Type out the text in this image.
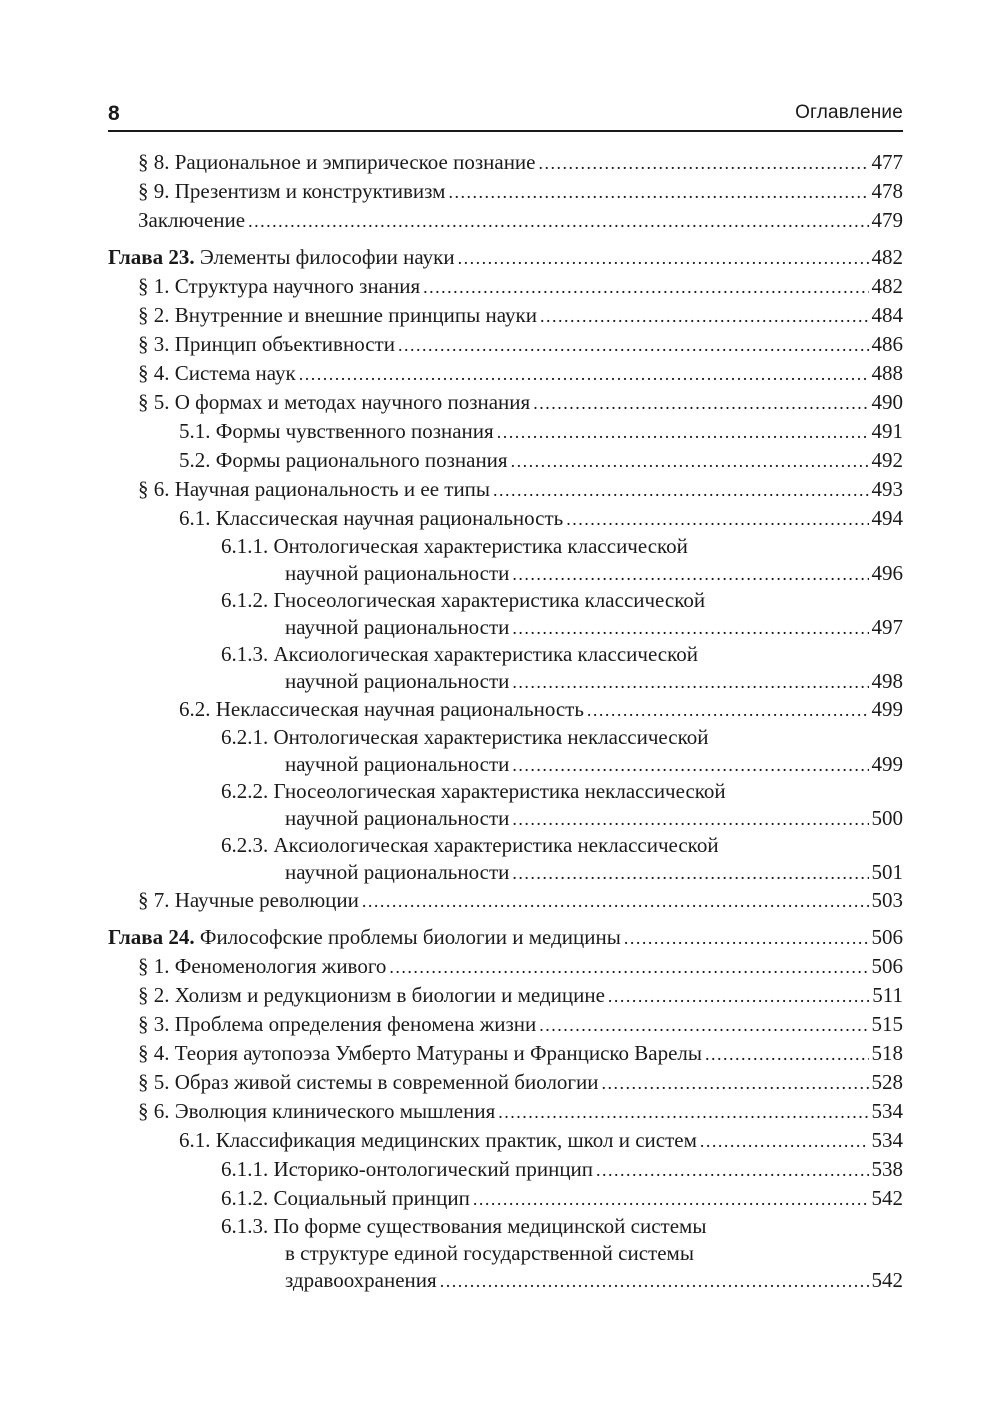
8	Оглавление
§ 8. Рациональное и эмпирическое познание .....	477
§ 9. Презентизм и конструктивизм .....	478
Заключение .....	479
Глава 23. Элементы философии науки .....	482
§ 1. Структура научного знания .....	482
§ 2. Внутренние и внешние принципы науки .....	484
§ 3. Принцип объективности .....	486
§ 4. Система наук .....	488
§ 5. О формах и методах научного познания .....	490
5.1. Формы чувственного познания .....	491
5.2. Формы рационального познания .....	492
§ 6. Научная рациональность и ее типы .....	493
6.1. Классическая научная рациональность .....	494
6.1.1. Онтологическая характеристика классической
научной рациональности .....	496
6.1.2. Гносеологическая характеристика классической
научной рациональности .....	497
6.1.3. Аксиологическая характеристика классической
научной рациональности .....	498
6.2. Неклассическая научная рациональность .....	499
6.2.1. Онтологическая характеристика неклассической
научной рациональности .....	499
6.2.2. Гносеологическая характеристика неклассической
научной рациональности .....	500
6.2.3. Аксиологическая характеристика неклассической
научной рациональности .....	501
§ 7. Научные революции .....	503
Глава 24. Философские проблемы биологии и медицины .....	506
§ 1. Феноменология живого .....	506
§ 2. Холизм и редукционизм в биологии и медицине .....	511
§ 3. Проблема определения феномена жизни .....	515
§ 4. Теория аутопоэза Умберто Матураны и Франциско Варелы .....	518
§ 5. Образ живой системы в современной биологии .....	528
§ 6. Эволюция клинического мышления .....	534
6.1. Классификация медицинских практик, школ и систем .....	534
6.1.1. Историко-онтологический принцип .....	538
6.1.2. Социальный принцип .....	542
6.1.3. По форме существования медицинской системы
в структуре единой государственной системы
здравоохранения .....	542
